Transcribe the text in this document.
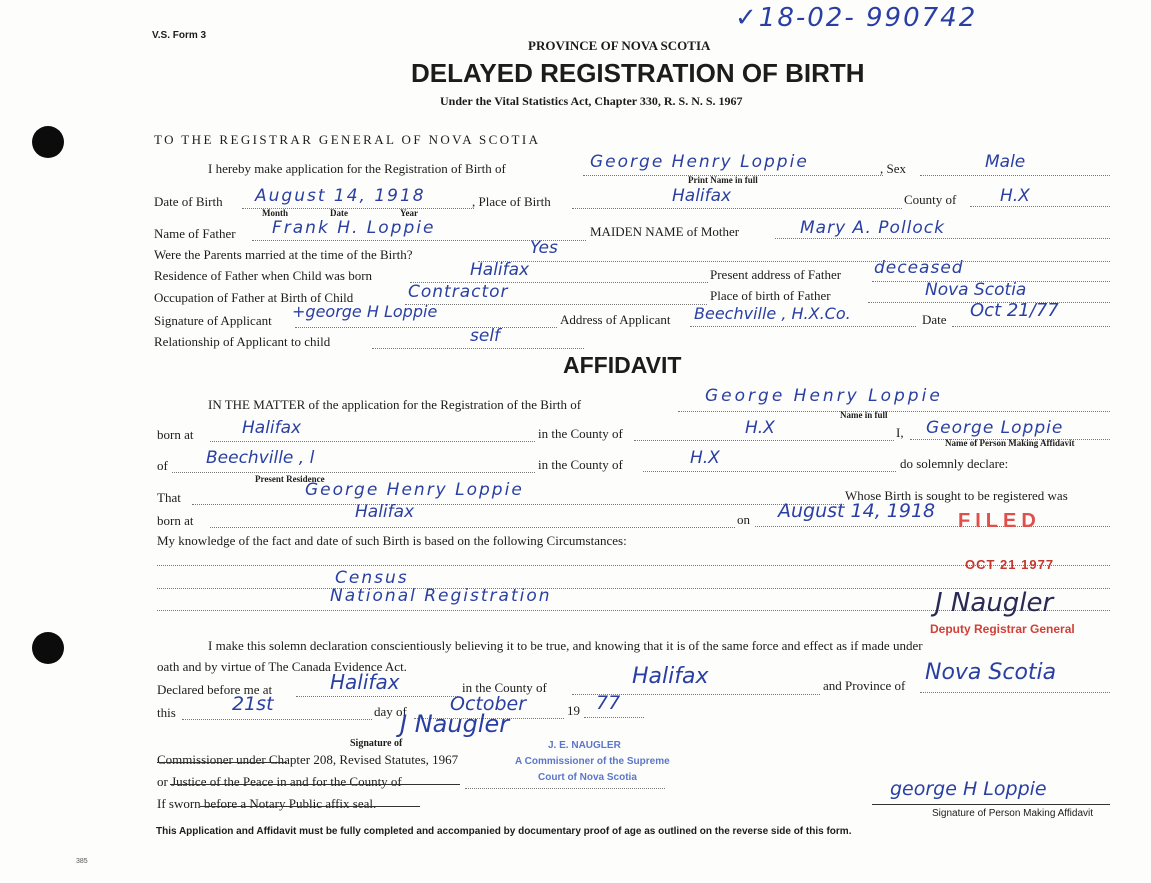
V.S. Form 3
✓18-02- 990742
PROVINCE OF NOVA SCOTIA
DELAYED REGISTRATION OF BIRTH
Under the Vital Statistics Act, Chapter 330, R. S. N. S. 1967
TO THE REGISTRAR GENERAL OF NOVA SCOTIA
I hereby make application for the Registration of Birth of	George Henry Loppie	, Sex	Male
Print Name in full
Date of Birth August 14, 1918	, Place of Birth	Halifax	County of	H.X
Month	Date	Year
Name of Father Frank H. Loppie	MAIDEN NAME of Mother	Mary A. Pollock
Were the Parents married at the time of the Birth?	Yes
Residence of Father when Child was born	Halifax	Present address of Father deceased
Occupation of Father at Birth of Child	Contractor	Place of birth of Father	Nova Scotia
Signature of Applicant +george H Loppie	Address of Applicant Beechville , H.X.Co.	Date Oct 21/77
Relationship of Applicant to child	self
AFFIDAVIT
IN THE MATTER of the application for the Registration of the Birth of	George Henry Loppie
Name in full
born at	Halifax	in the County of	H.X	I, George Loppie
Name of Person Making Affidavit
of Beechville , l	in the County of	H.X	do solemnly declare:
Present Residence
That	George Henry Loppie	Whose Birth is sought to be registered was
born at	Halifax	on August 14, 1918
My knowledge of the fact and date of such Birth is based on the following Circumstances:
Census
National Registration
I make this solemn declaration conscientiously believing it to be true, and knowing that it is of the same force and effect as if made under
oath and by virtue of The Canada Evidence Act.
Declared before me at	Halifax	in the County of	Halifax	and Province of
Nova Scotia
this	21st	day of October	19 77
Signature of
J Naugler
Commissioner under Chapter 208, Revised Statutes, 1967
or Justice of the Peace in and for the County of
If sworn before a Notary Public affix seal.
george H Loppie
Signature of Person Making Affidavit
FILED
OCT 21 1977
J Naugler
Deputy Registrar General
J. E. NAUGLER
A Commissioner of the Supreme
Court of Nova Scotia
This Application and Affidavit must be fully completed and accompanied by documentary proof of age as outlined on the reverse side of this form.
385
